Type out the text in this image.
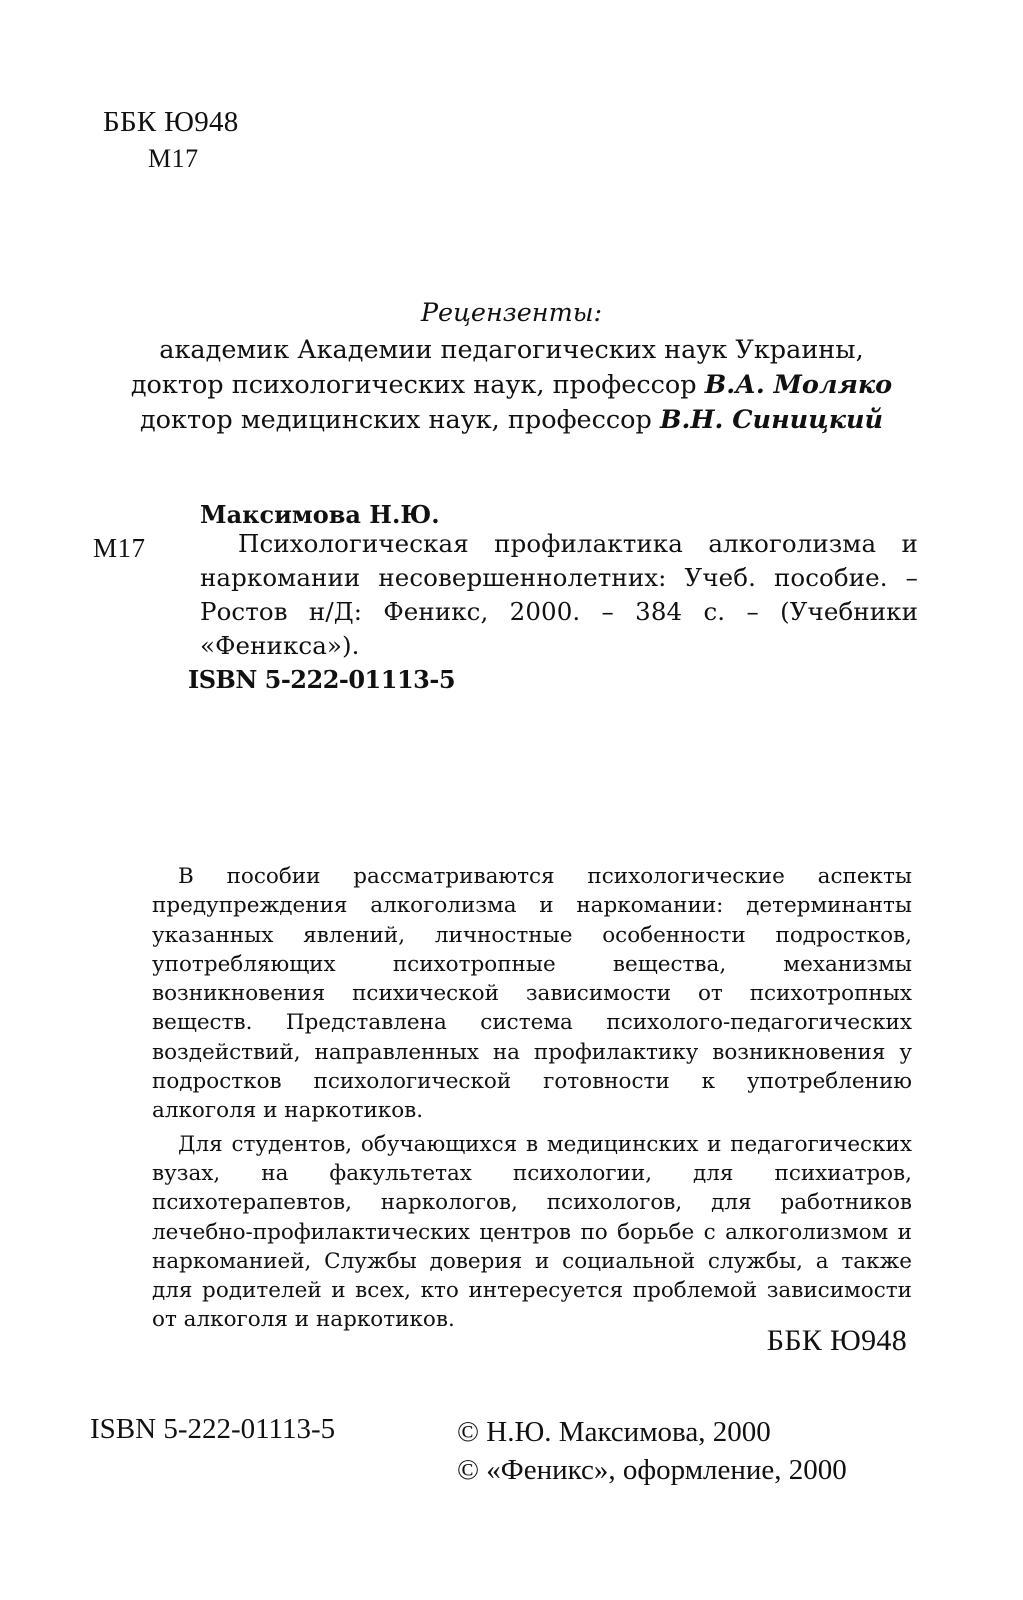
ББК Ю948
М17
Рецензенты:
академик Академии педагогических наук Украины,
доктор психологических наук, профессор В.А. Моляко
доктор медицинских наук, профессор В.Н. Синицкий
Максимова Н.Ю.
М17	Психологическая профилактика алкоголизма и наркомании несовершеннолетних: Учеб. пособие. – Ростов н/Д: Феникс, 2000. – 384 с. – (Учебники «Феникса»).
ISBN 5-222-01113-5

В пособии рассматриваются психологические аспекты предупреждения алкоголизма и наркомании: детерминанты указанных явлений, личностные особенности подростков, употребляющих психотропные вещества, механизмы возникновения психической зависимости от психотропных веществ. Представлена система психолого-педагогических воздействий, направленных на профилактику возникновения у подростков психологической готовности к употреблению алкоголя и наркотиков.

Для студентов, обучающихся в медицинских и педагогических вузах, на факультетах психологии, для психиатров, психотерапевтов, наркологов, психологов, для работников лечебно-профилактических центров по борьбе с алкоголизмом и наркоманией, Службы доверия и социальной службы, а также для родителей и всех, кто интересуется проблемой зависимости от алкоголя и наркотиков.

ББК Ю948
ISBN 5-222-01113-5	© Н.Ю. Максимова, 2000
© «Феникс», оформление, 2000
